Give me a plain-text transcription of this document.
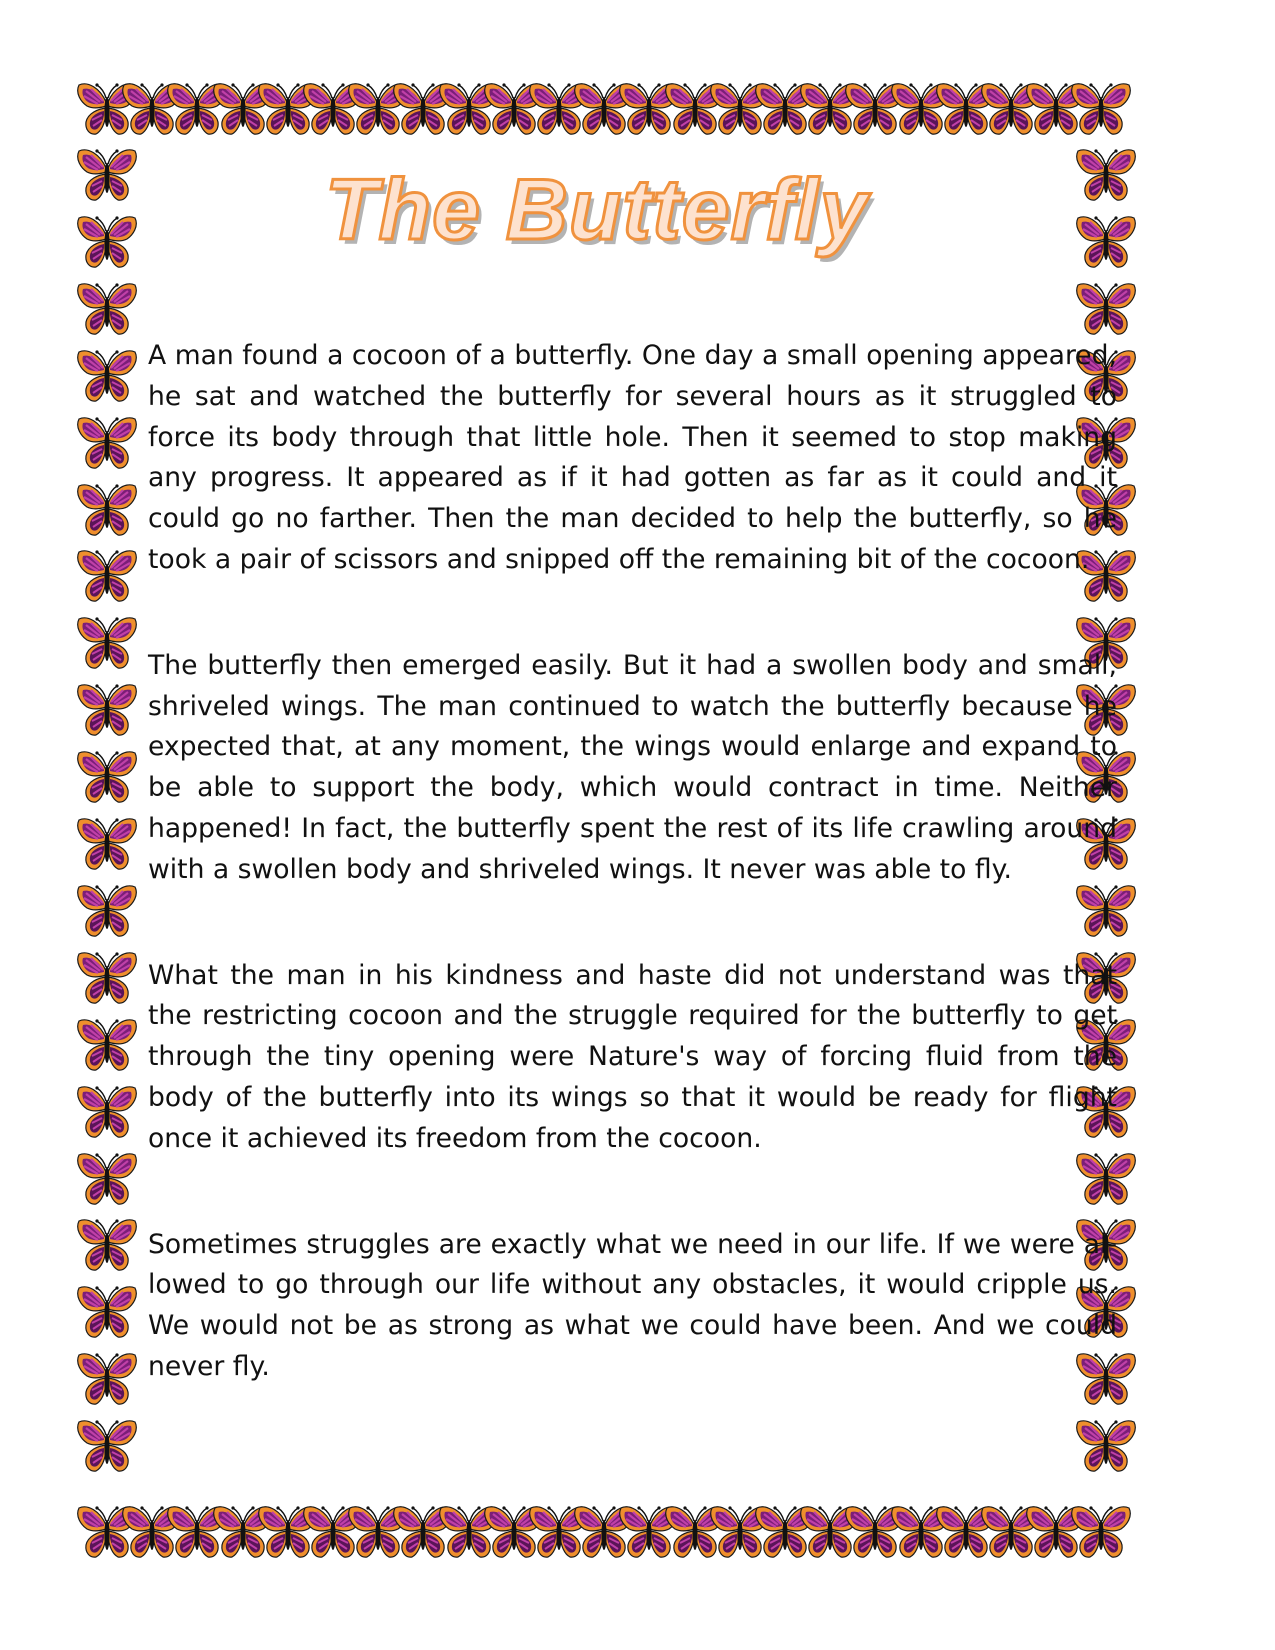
The Butterfly

A man found a cocoon of a butterfly. One day a small opening appeared, he sat and watched the butterfly for several hours as it struggled to force its body through that little hole. Then it seemed to stop making any progress. It appeared as if it had gotten as far as it could and it could go no farther. Then the man decided to help the butterfly, so he took a pair of scissors and snipped off the remaining bit of the cocoon.

The butterfly then emerged easily. But it had a swollen body and small, shriveled wings. The man continued to watch the butterfly because he expected that, at any moment, the wings would enlarge and expand to be able to support the body, which would contract in time. Neither happened! In fact, the butterfly spent the rest of its life crawling around with a swollen body and shriveled wings. It never was able to fly.

What the man in his kindness and haste did not understand was that the restricting cocoon and the struggle required for the butterfly to get through the tiny opening were Nature's way of forcing fluid from the body of the butterfly into its wings so that it would be ready for flight once it achieved its freedom from the cocoon.

Sometimes struggles are exactly what we need in our life. If we were allowed to go through our life without any obstacles, it would cripple us. We would not be as strong as what we could have been. And we could never fly.
